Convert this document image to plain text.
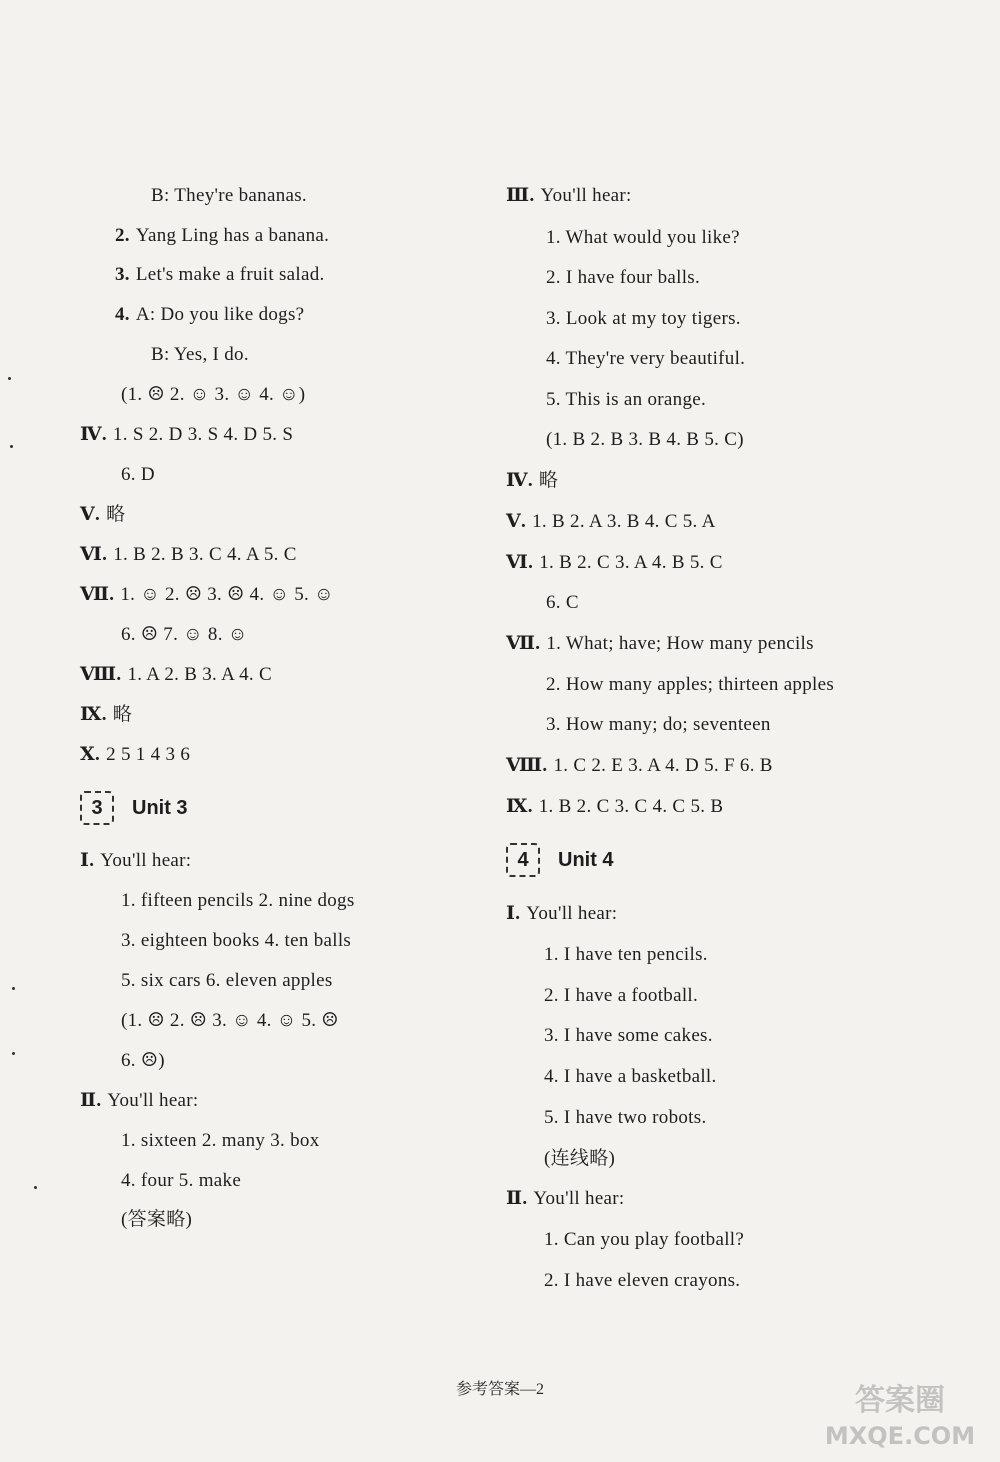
B: They're bananas.
2. Yang Ling has a banana.
3. Let's make a fruit salad.
4. A: Do you like dogs?
B: Yes, I do.
(1. ☹ 2. ☺ 3. ☺ 4. ☺)
Ⅳ. 1. S 2. D 3. S 4. D 5. S
6. D
Ⅴ. 略
Ⅵ. 1. B 2. B 3. C 4. A 5. C
Ⅶ. 1. ☺ 2. ☹ 3. ☹ 4. ☺ 5. ☺
6. ☹ 7. ☺ 8. ☺
Ⅷ. 1. A 2. B 3. A 4. C
Ⅸ. 略
Ⅹ. 2 5 1 4 3 6
3	Unit 3
Ⅰ. You'll hear:
1. fifteen pencils 2. nine dogs
3. eighteen books 4. ten balls
5. six cars 6. eleven apples
(1. ☹ 2. ☹ 3. ☺ 4. ☺ 5. ☹
6. ☹)
Ⅱ. You'll hear:
1. sixteen 2. many 3. box
4. four 5. make
(答案略)
Ⅲ. You'll hear:
1. What would you like?
2. I have four balls.
3. Look at my toy tigers.
4. They're very beautiful.
5. This is an orange.
(1. B 2. B 3. B 4. B 5. C)
Ⅳ. 略
Ⅴ. 1. B 2. A 3. B 4. C 5. A
Ⅵ. 1. B 2. C 3. A 4. B 5. C
6. C
Ⅶ. 1. What; have; How many pencils
2. How many apples; thirteen apples
3. How many; do; seventeen
Ⅷ. 1. C 2. E 3. A 4. D 5. F 6. B
Ⅸ. 1. B 2. C 3. C 4. C 5. B
4	Unit 4
Ⅰ. You'll hear:
1. I have ten pencils.
2. I have a football.
3. I have some cakes.
4. I have a basketball.
5. I have two robots.
(连线略)
Ⅱ. You'll hear:
1. Can you play football?
2. I have eleven crayons.
参考答案—2	答案圈
MXQE.COM
